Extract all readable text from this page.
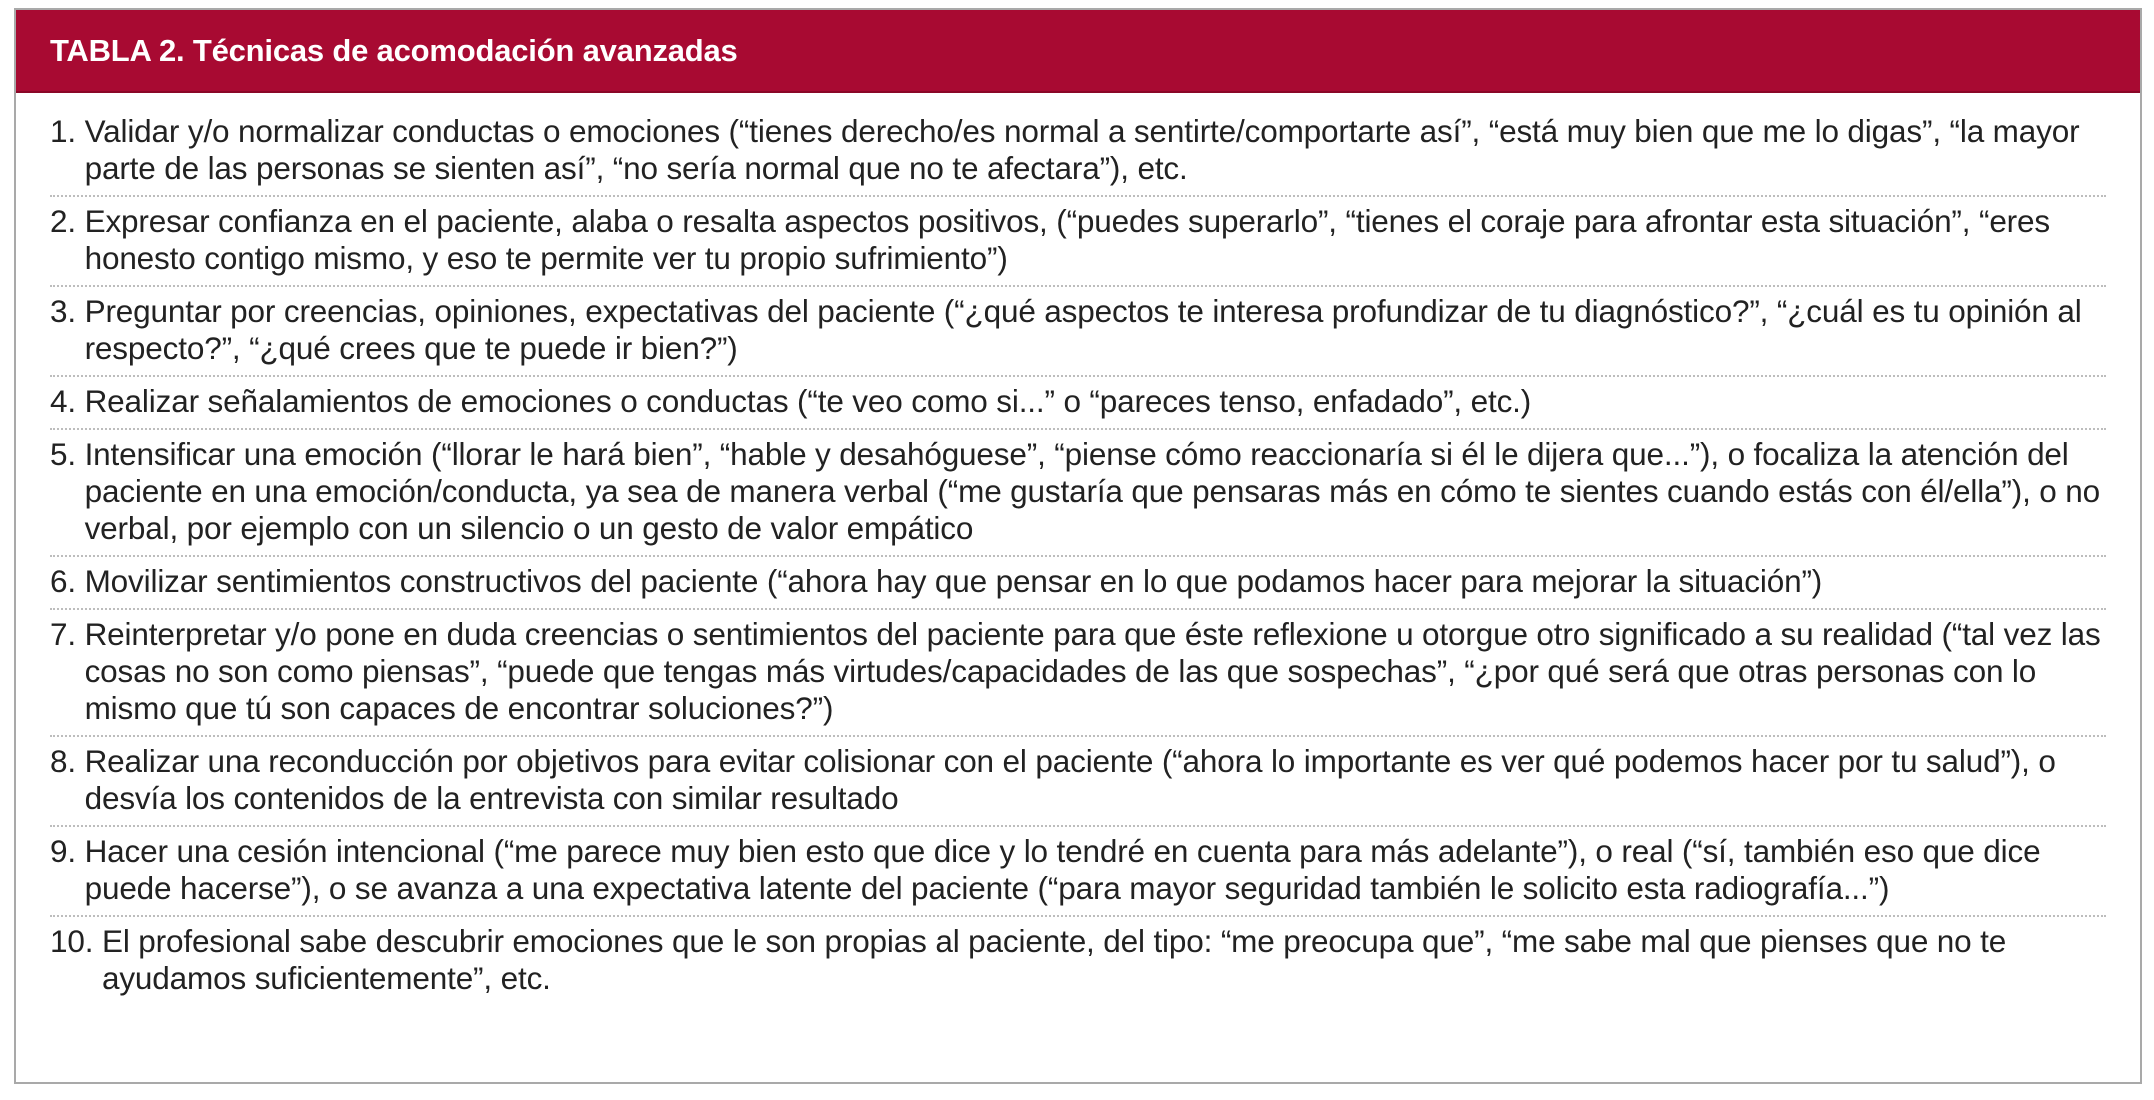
TABLA 2. Técnicas de acomodación avanzadas
1. Validar y/o normalizar conductas o emociones (“tienes derecho/es normal a sentirte/comportarte así”, “está muy bien que me lo digas”, “la mayor parte de las personas se sienten así”, “no sería normal que no te afectara”), etc.
2. Expresar confianza en el paciente, alaba o resalta aspectos positivos, (“puedes superarlo”, “tienes el coraje para afrontar esta situación”, “eres honesto contigo mismo, y eso te permite ver tu propio sufrimiento”)
3. Preguntar por creencias, opiniones, expectativas del paciente (“¿qué aspectos te interesa profundizar de tu diagnóstico?”, “¿cuál es tu opinión al respecto?”, “¿qué crees que te puede ir bien?”)
4. Realizar señalamientos de emociones o conductas (“te veo como si...” o “pareces tenso, enfadado”, etc.)
5. Intensificar una emoción (“llorar le hará bien”, “hable y desahóguese”, “piense cómo reaccionaría si él le dijera que...”), o focaliza la atención del paciente en una emoción/conducta, ya sea de manera verbal (“me gustaría que pensaras más en cómo te sientes cuando estás con él/ella”), o no verbal, por ejemplo con un silencio o un gesto de valor empático
6. Movilizar sentimientos constructivos del paciente (“ahora hay que pensar en lo que podamos hacer para mejorar la situación”)
7. Reinterpretar y/o pone en duda creencias o sentimientos del paciente para que éste reflexione u otorgue otro significado a su realidad (“tal vez las cosas no son como piensas”, “puede que tengas más virtudes/capacidades de las que sospechas”, “¿por qué será que otras personas con lo mismo que tú son capaces de encontrar soluciones?”)
8. Realizar una reconducción por objetivos para evitar colisionar con el paciente (“ahora lo importante es ver qué podemos hacer por tu salud”), o desvía los contenidos de la entrevista con similar resultado
9. Hacer una cesión intencional (“me parece muy bien esto que dice y lo tendré en cuenta para más adelante”), o real (“sí, también eso que dice puede hacerse”), o se avanza a una expectativa latente del paciente (“para mayor seguridad también le solicito esta radiografía...”)
10. El profesional sabe descubrir emociones que le son propias al paciente, del tipo: “me preocupa que”, “me sabe mal que pienses que no te ayudamos suficientemente”, etc.
